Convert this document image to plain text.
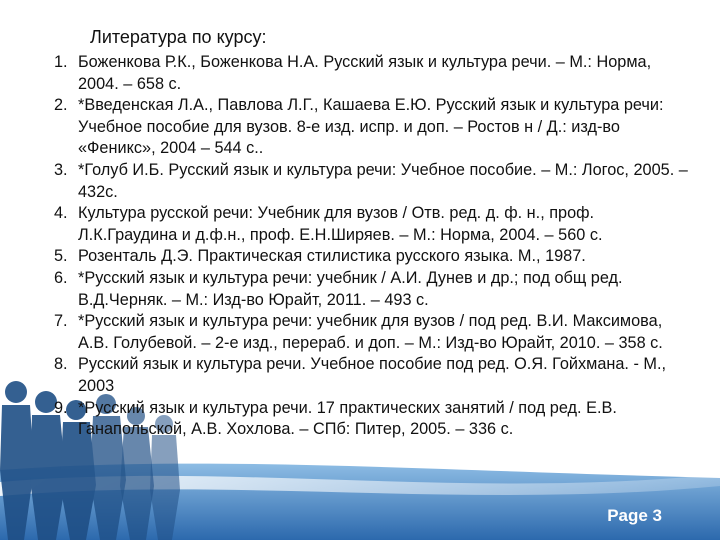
Литература по курсу:
1. Боженкова Р.К., Боженкова Н.А. Русский язык и культура речи. – М.: Норма, 2004. – 658 с.
2. *Введенская Л.А., Павлова Л.Г., Кашаева Е.Ю. Русский язык и культура речи: Учебное пособие для вузов. 8-е изд. испр. и доп. – Ростов н / Д.: изд-во «Феникс», 2004 – 544 с..
3. *Голуб И.Б. Русский язык и культура речи: Учебное пособие. – М.: Логос, 2005. – 432с.
4. Культура русской речи: Учебник для вузов / Отв. ред. д. ф. н., проф. Л.К.Граудина и д.ф.н., проф. Е.Н.Ширяев. – М.: Норма, 2004. – 560 с.
5. Розенталь Д.Э. Практическая стилистика русского языка. М., 1987.
6. *Русский язык и культура речи: учебник / А.И. Дунев и др.; под общ ред. В.Д.Черняк. – М.: Изд-во Юрайт, 2011. – 493 с.
7. *Русский язык и культура речи: учебник для вузов / под ред. В.И. Максимова, А.В. Голубевой. – 2-е изд., перераб. и доп. – М.: Изд-во Юрайт, 2010. – 358 с.
8. Русский язык и культура речи. Учебное пособие под ред. О.Я. Гойхмана. - М., 2003
9. *Русский язык и культура речи. 17 практических занятий / под ред. Е.В. Ганапольской, А.В. Хохлова. – СПб: Питер, 2005. – 336 с.
Page 3
